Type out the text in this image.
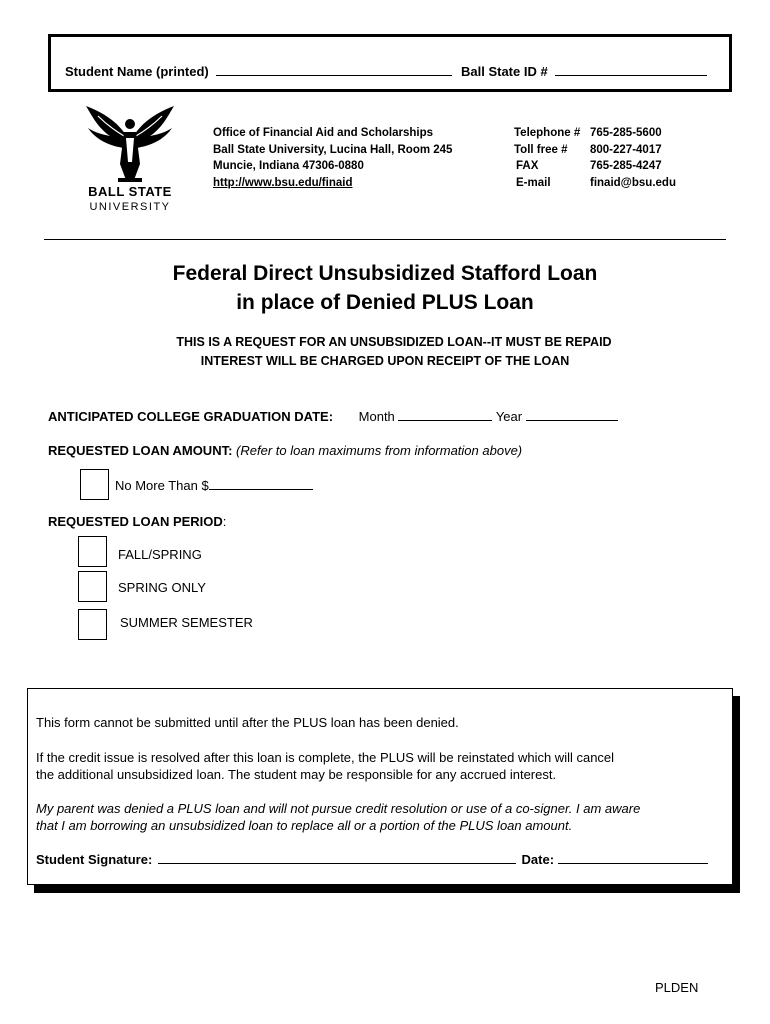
Student Name (printed)	Ball State ID #
BALL STATE
UNIVERSITY
Office of Financial Aid and Scholarships
Ball State University, Lucina Hall, Room 245
Muncie, Indiana 47306-0880
http://www.bsu.edu/finaid
Telephone # 765-285-5600
Toll free #	800-227-4017
FAX	765-285-4247
E-mail	finaid@bsu.edu
Federal Direct Unsubsidized Stafford Loan
in place of Denied PLUS Loan
THIS IS A REQUEST FOR AN UNSUBSIDIZED LOAN--IT MUST BE REPAID
INTEREST WILL BE CHARGED UPON RECEIPT OF THE LOAN
ANTICIPATED COLLEGE GRADUATION DATE: Month	Year
REQUESTED LOAN AMOUNT: (Refer to loan maximums from information above)
No More Than $
REQUESTED LOAN PERIOD:
FALL/SPRING
SPRING ONLY
SUMMER SEMESTER
This form cannot be submitted until after the PLUS loan has been denied.
If the credit issue is resolved after this loan is complete, the PLUS will be reinstated which will cancel
the additional unsubsidized loan. The student may be responsible for any accrued interest.
My parent was denied a PLUS loan and will not pursue credit resolution or use of a co-signer. I am aware
that I am borrowing an unsubsidized loan to replace all or a portion of the PLUS loan amount.
Student Signature:	Date:
PLDEN
